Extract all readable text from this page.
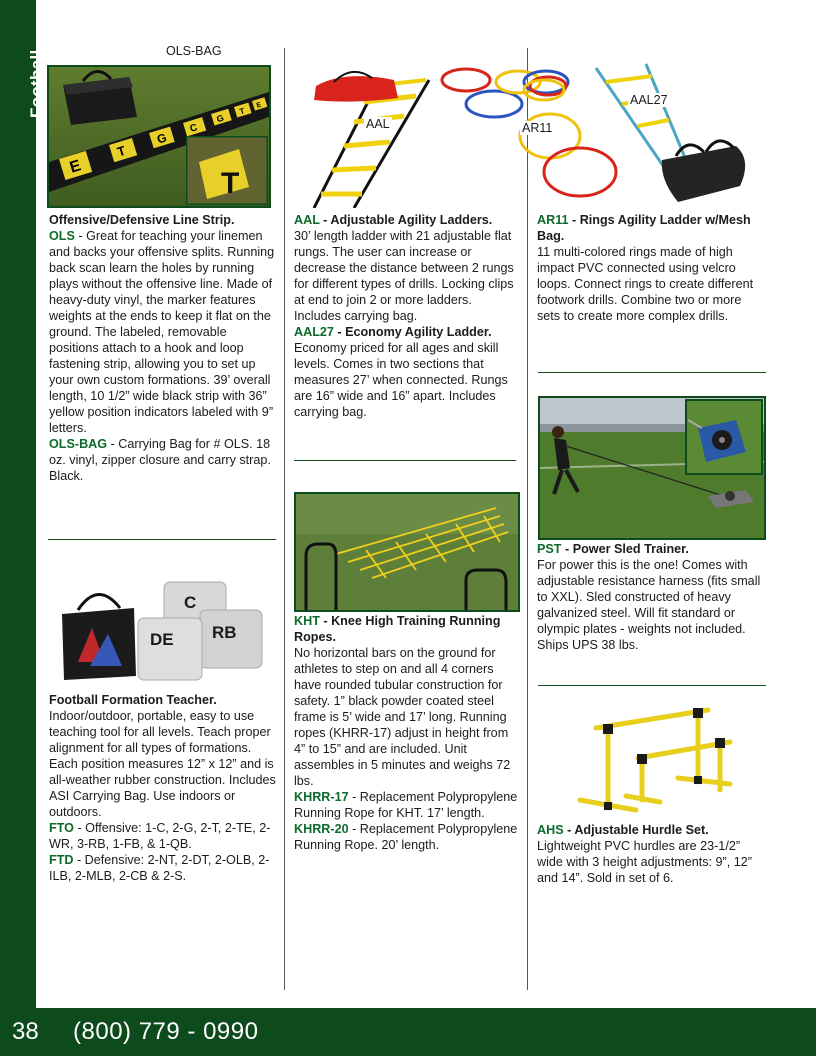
Football
E
T
G
C
G
T
E
T
OLS-BAG
AAL	AR11
AAL27
C
RB
DE

Offensive/Defensive Line Strip.

OLS - Great for teaching your linemen and backs your offensive splits. Running back scan learn the holes by running plays without the offensive line. Made of heavy-duty vinyl, the marker features weights at the ends to keep it flat on the ground. The labeled, removable positions attach to a hook and loop fastening strip, allowing you to set up your own custom formations. 39’ overall length, 10 1/2” wide black strip with 36” yellow position indicators labeled with 9” letters.

OLS-BAG - Carrying Bag for # OLS. 18 oz. vinyl, zipper closure and carry strap. Black.

Football Formation Teacher.

Indoor/outdoor, portable, easy to use teaching tool for all levels. Teach proper alignment for all types of formations. Each position measures 12” x 12” and is all-weather rubber construction. Includes ASI Carrying Bag. Use indoors or outdoors.

FTO - Offensive: 1-C, 2-G, 2-T, 2-TE, 2-WR, 3-RB, 1-FB, & 1-QB.

FTD - Defensive: 2-NT, 2-DT, 2-OLB, 2-ILB, 2-MLB, 2-CB & 2-S.

AAL - Adjustable Agility Ladders.

30’ length ladder with 21 adjustable flat rungs. The user can increase or decrease the distance between 2 rungs for different types of drills. Locking clips at end to join 2 or more ladders. Includes carrying bag.

AAL27 - Economy Agility Ladder.

Economy priced for all ages and skill levels. Comes in two sections that measures 27’ when connected. Rungs are 16” wide and 16” apart. Includes carrying bag.

KHT - Knee High Training Running Ropes.

No horizontal bars on the ground for athletes to step on and all 4 corners have rounded tubular construction for safety. 1” black powder coated steel frame is 5’ wide and 17’ long. Running ropes (KHRR-17) adjust in height from 4” to 15” and are included. Unit assembles in 5 minutes and weighs 72 lbs.

KHRR-17 - Replacement Polypropylene Running Rope for KHT. 17’ length.

KHRR-20 - Replacement Polypropylene Running Rope. 20’ length.

AR11 - Rings Agility Ladder w/Mesh Bag.

11 multi-colored rings made of high impact PVC connected using velcro loops. Connect rings to create different footwork drills. Combine two or more sets to create more complex drills.

PST - Power Sled Trainer.

For power this is the one! Comes with adjustable resistance harness (fits small to XXL). Sled constructed of heavy galvanized steel. Will fit standard or olympic plates - weights not included. Ships UPS 38 lbs.

AHS - Adjustable Hurdle Set.

Lightweight PVC hurdles are 23-1/2” wide with 3 height adjustments: 9”, 12” and 14”. Sold in set of 6.

38 (800) 779 - 0990
